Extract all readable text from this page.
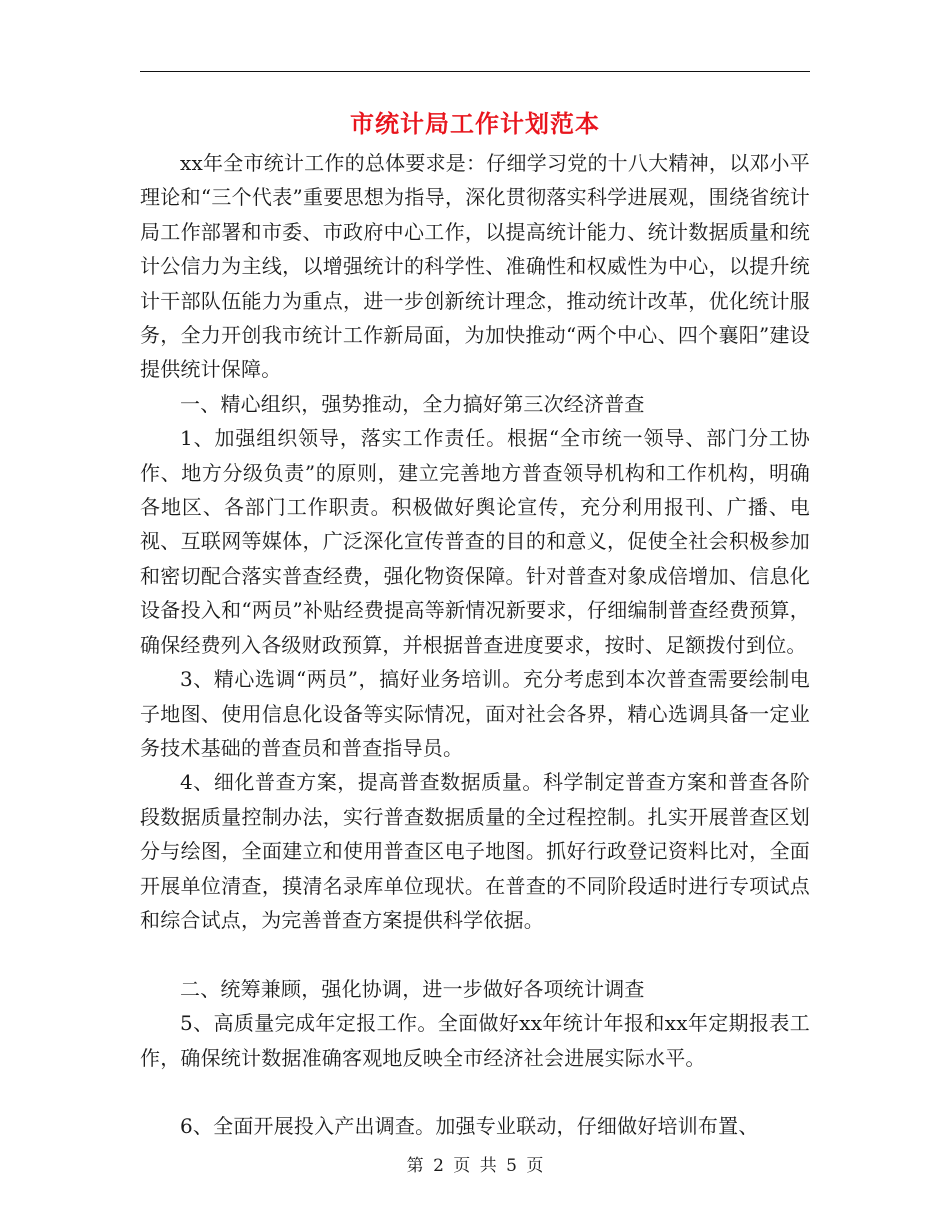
市统计局工作计划范本

xx年全市统计工作的总体要求是：仔细学习党的十八大精神，以邓小平理论和“三个代表”重要思想为指导，深化贯彻落实科学进展观，围绕省统计局工作部署和市委、市政府中心工作，以提高统计能力、统计数据质量和统计公信力为主线，以增强统计的科学性、准确性和权威性为中心，以提升统计干部队伍能力为重点，进一步创新统计理念，推动统计改革，优化统计服务，全力开创我市统计工作新局面，为加快推动“两个中心、四个襄阳”建设提供统计保障。

一、精心组织，强势推动，全力搞好第三次经济普查

1、加强组织领导，落实工作责任。根据“全市统一领导、部门分工协作、地方分级负责”的原则，建立完善地方普查领导机构和工作机构，明确各地区、各部门工作职责。积极做好舆论宣传，充分利用报刊、广播、电视、互联网等媒体，广泛深化宣传普查的目的和意义，促使全社会积极参加和密切配合落实普查经费，强化物资保障。针对普查对象成倍增加、信息化设备投入和“两员”补贴经费提高等新情况新要求，仔细编制普查经费预算，确保经费列入各级财政预算，并根据普查进度要求，按时、足额拨付到位。

3、精心选调“两员”，搞好业务培训。充分考虑到本次普查需要绘制电子地图、使用信息化设备等实际情况，面对社会各界，精心选调具备一定业务技术基础的普查员和普查指导员。

4、细化普查方案，提高普查数据质量。科学制定普查方案和普查各阶段数据质量控制办法，实行普查数据质量的全过程控制。扎实开展普查区划分与绘图，全面建立和使用普查区电子地图。抓好行政登记资料比对，全面开展单位清查，摸清名录库单位现状。在普查的不同阶段适时进行专项试点和综合试点，为完善普查方案提供科学依据。

二、统筹兼顾，强化协调，进一步做好各项统计调查

5、高质量完成年定报工作。全面做好xx年统计年报和xx年定期报表工作，确保统计数据准确客观地反映全市经济社会进展实际水平。

6、全面开展投入产出调查。加强专业联动，仔细做好培训布置、

第 2 页 共 5 页
